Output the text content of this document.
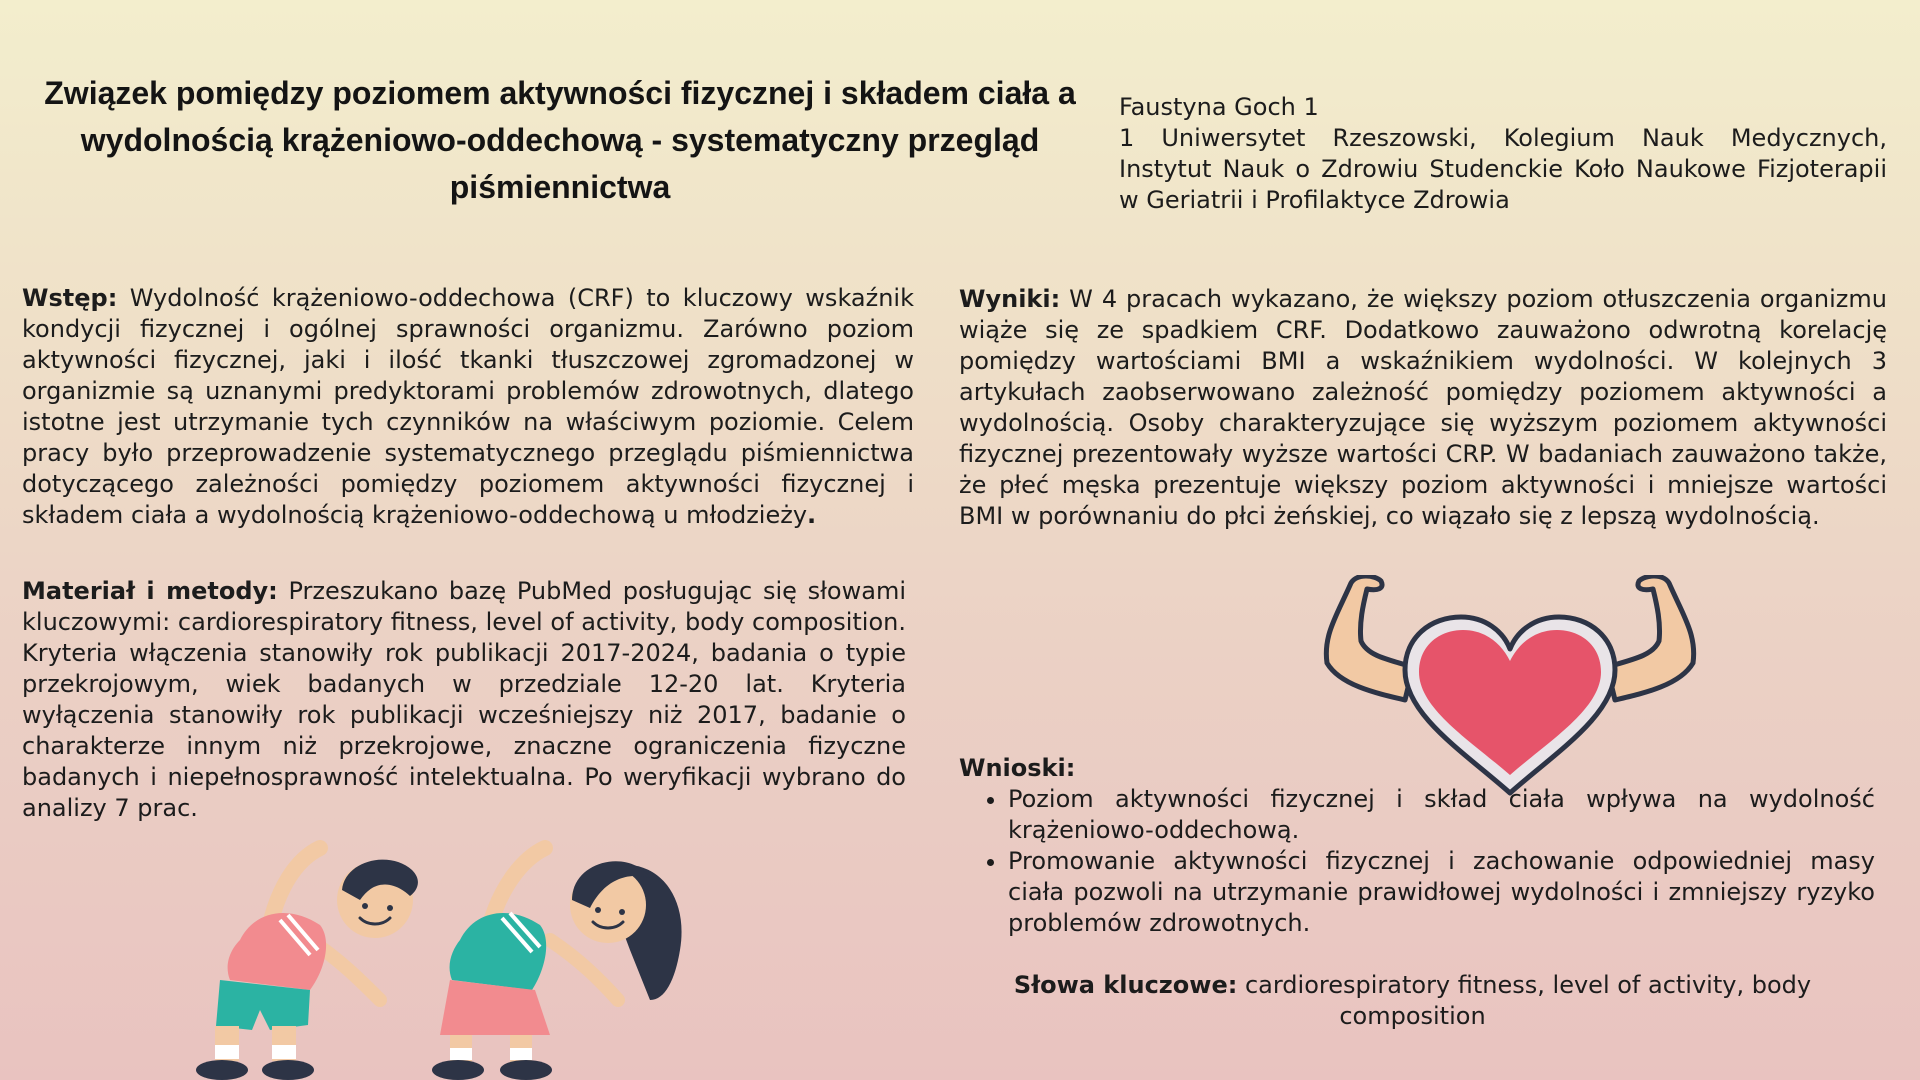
Związek pomiędzy poziomem aktywności fizycznej i składem ciała a wydolnością krążeniowo-oddechową - systematyczny przegląd piśmiennictwa
Faustyna Goch 1
1 Uniwersytet Rzeszowski, Kolegium Nauk Medycznych, Instytut Nauk o Zdrowiu Studenckie Koło Naukowe Fizjoterapii w Geriatrii i Profilaktyce Zdrowia

Wstęp: Wydolność krążeniowo-oddechowa (CRF) to kluczowy wskaźnik kondycji fizycznej i ogólnej sprawności organizmu. Zarówno poziom aktywności fizycznej, jaki i ilość tkanki tłuszczowej zgromadzonej w organizmie są uznanymi predyktorami problemów zdrowotnych, dlatego istotne jest utrzymanie tych czynników na właściwym poziomie. Celem pracy było przeprowadzenie systematycznego przeglądu piśmiennictwa dotyczącego zależności pomiędzy poziomem aktywności fizycznej i składem ciała a wydolnością krążeniowo-oddechową u młodzieży.

Materiał i metody: Przeszukano bazę PubMed posługując się słowami kluczowymi: cardiorespiratory fitness, level of activity, body composition. Kryteria włączenia stanowiły rok publikacji 2017-2024, badania o typie przekrojowym, wiek badanych w przedziale 12-20 lat. Kryteria wyłączenia stanowiły rok publikacji wcześniejszy niż 2017, badanie o charakterze innym niż przekrojowe, znaczne ograniczenia fizyczne badanych i niepełnosprawność intelektualna. Po weryfikacji wybrano do analizy 7 prac.

Wyniki: W 4 pracach wykazano, że większy poziom otłuszczenia organizmu wiąże się ze spadkiem CRF. Dodatkowo zauważono odwrotną korelację pomiędzy wartościami BMI a wskaźnikiem wydolności. W kolejnych 3 artykułach zaobserwowano zależność pomiędzy poziomem aktywności a wydolnością. Osoby charakteryzujące się wyższym poziomem aktywności fizycznej prezentowały wyższe wartości CRP. W badaniach zauważono także, że płeć męska prezentuje większy poziom aktywności i mniejsze wartości BMI w porównaniu do płci żeńskiej, co wiązało się z lepszą wydolnością.

Wnioski:
• Poziom aktywności fizycznej i skład ciała wpływa na wydolność krążeniowo-oddechową.
• Promowanie aktywności fizycznej i zachowanie odpowiedniej masy ciała pozwoli na utrzymanie prawidłowej wydolności i zmniejszy ryzyko problemów zdrowotnych.
Słowa kluczowe: cardiorespiratory fitness, level of activity, body composition
